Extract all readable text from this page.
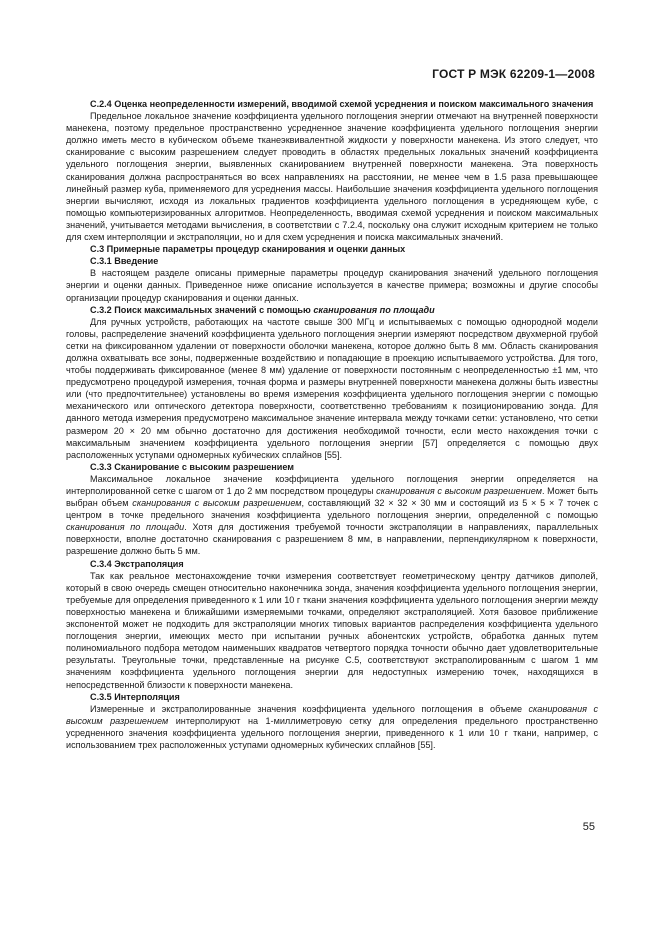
ГОСТ Р МЭК 62209-1—2008
С.2.4 Оценка неопределенности измерений, вводимой схемой усреднения и поиском максимального значения

Предельное локальное значение коэффициента удельного поглощения энергии отмечают на внутренней поверхности манекена, поэтому предельное пространственно усредненное значение коэффициента удельного поглощения энергии должно иметь место в кубическом объеме тканеэквивалентной жидкости у поверхности манекена. Из этого следует, что сканирование с высоким разрешением следует проводить в областях предельных локальных значений коэффициента удельного поглощения энергии, выявленных сканированием внутренней поверхности манекена. Эта поверхность сканирования должна распространяться во всех направлениях на расстоянии, не менее чем в 1.5 раза превышающее линейный размер куба, применяемого для усреднения массы. Наибольшие значения коэффициента удельного поглощения энергии вычисляют, исходя из локальных градиентов коэффициента удельного поглощения в усредняющем кубе, с помощью компьютеризированных алгоритмов. Неопределенность, вводимая схемой усреднения и поиском максимальных значений, учитывается методами вычисления, в соответствии с 7.2.4, поскольку она служит исходным критерием не только для схем интерполяции и экстраполяции, но и для схем усреднения и поиска максимальных значений.

С.3 Примерные параметры процедур сканирования и оценки данных
С.3.1 Введение

В настоящем разделе описаны примерные параметры процедур сканирования значений удельного поглощения энергии и оценки данных. Приведенное ниже описание используется в качестве примера; возможны и другие способы организации процедур сканирования и оценки данных.

С.3.2 Поиск максимальных значений с помощью сканирования по площади

Для ручных устройств, работающих на частоте свыше 300 МГц и испытываемых с помощью однородной модели головы, распределение значений коэффициента удельного поглощения энергии измеряют посредством двухмерной грубой сетки на фиксированном удалении от поверхности оболочки манекена, которое должно быть 8 мм. Область сканирования должна охватывать все зоны, подверженные воздействию и попадающие в проекцию испытываемого устройства. Для того, чтобы поддерживать фиксированное (менее 8 мм) удаление от поверхности постоянным с неопределенностью ±1 мм, что предусмотрено процедурой измерения, точная форма и размеры внутренней поверхности манекена должны быть известны или (что предпочтительнее) установлены во время измерения коэффициента удельного поглощения энергии с помощью механического или оптического детектора поверхности, соответственно требованиям к позиционированию зонда. Для данного метода измерения предусмотрено максимальное значение интервала между точками сетки: установлено, что сетки размером 20 × 20 мм обычно достаточно для достижения необходимой точности, если место нахождения точки с максимальным значением коэффициента удельного поглощения энергии [57] определяется с помощью двух расположенных уступами одномерных кубических сплайнов [55].

С.3.3 Сканирование с высоким разрешением

Максимальное локальное значение коэффициента удельного поглощения энергии определяется на интерполированной сетке с шагом от 1 до 2 мм посредством процедуры сканирования с высоким разрешением. Может быть выбран объем сканирования с высоким разрешением, составляющий 32 × 32 × 30 мм и состоящий из 5 × 5 × 7 точек с центром в точке предельного значения коэффициента удельного поглощения энергии, определенной с помощью сканирования по площади. Хотя для достижения требуемой точности экстраполяции в направлениях, параллельных поверхности, вполне достаточно сканирования с разрешением 8 мм, в направлении, перпендикулярном к поверхности, разрешение должно быть 5 мм.

С.3.4 Экстраполяция

Так как реальное местонахождение точки измерения соответствует геометрическому центру датчиков диполей, который в свою очередь смещен относительно наконечника зонда, значения коэффициента удельного поглощения энергии, требуемые для определения приведенного к 1 или 10 г ткани значения коэффициента удельного поглощения энергии между поверхностью манекена и ближайшими измеряемыми точками, определяют экстраполяцией. Хотя базовое приближение экспонентой может не подходить для экстраполяции многих типовых вариантов распределения коэффициента удельного поглощения энергии, имеющих место при испытании ручных абонентских устройств, обработка данных путем полиномиального подбора методом наименьших квадратов четвертого порядка точности обычно дает удовлетворительные результаты. Треугольные точки, представленные на рисунке С.5, соответствуют экстраполированным с шагом 1 мм значениям коэффициента удельного поглощения энергии для недоступных измерению точек, находящихся в непосредственной близости к поверхности манекена.

С.3.5 Интерполяция

Измеренные и экстраполированные значения коэффициента удельного поглощения в объеме сканирования с высоким разрешением интерполируют на 1-миллиметровую сетку для определения предельного пространственно усредненного значения коэффициента удельного поглощения энергии, приведенного к 1 или 10 г ткани, например, с использованием трех расположенных уступами одномерных кубических сплайнов [55].

55
